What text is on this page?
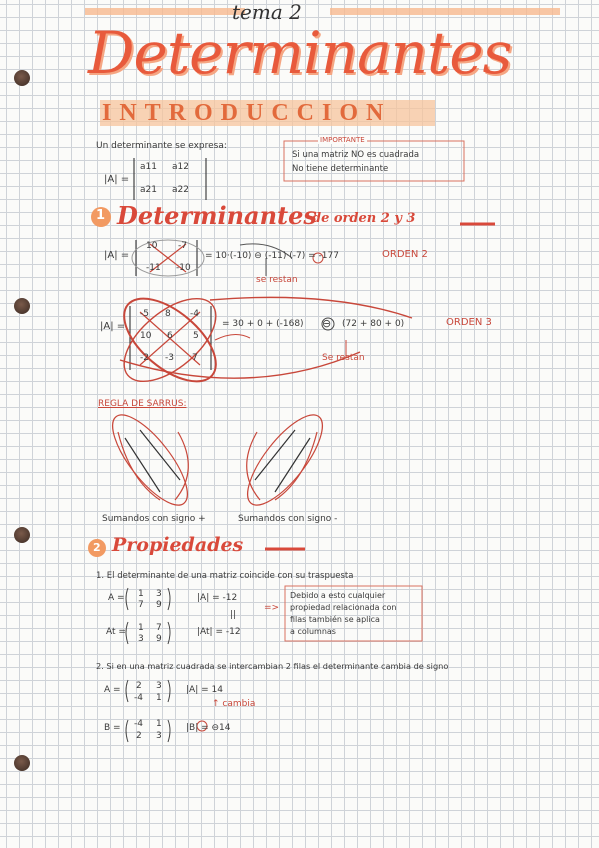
tema 2
Determinantes
INTRODUCCION
Un determinante se expresa:
|A| =
a11 a12
a21 a22
IMPORTANTE
Si una matriz NO es cuadrada
No tiene determinante
1 Determinantes
de orden 2 y 3
|A| =
10 -7
-11 -10
= 10·(-10) ⊖ (-11)·(-7) = -177
se restan
ORDEN 2
|A| =
-5 8 -4
10 6 5
-2 -3 7
= 30 + 0 + (-168) ⊖ (72 + 80 + 0)
Se restan
ORDEN 3
REGLA DE SARRUS:
Sumandos con signo +	Sumandos con signo -
2 Propiedades
1. El determinante de una matriz coincide con su traspuesta
A = 1 3
7 9
|A| = -12
||
At = 1 7
3 9
|At| = -12
=>
Debido a esto cualquier
propiedad relacionada con
filas también se aplica
a columnas
2. Si en una matriz cuadrada se intercambian 2 filas el determinante cambia de signo
A = 2 3
-4 1
|A| = 14
↑ cambia
B = -4 1
2 3
|B| = ⊖14
